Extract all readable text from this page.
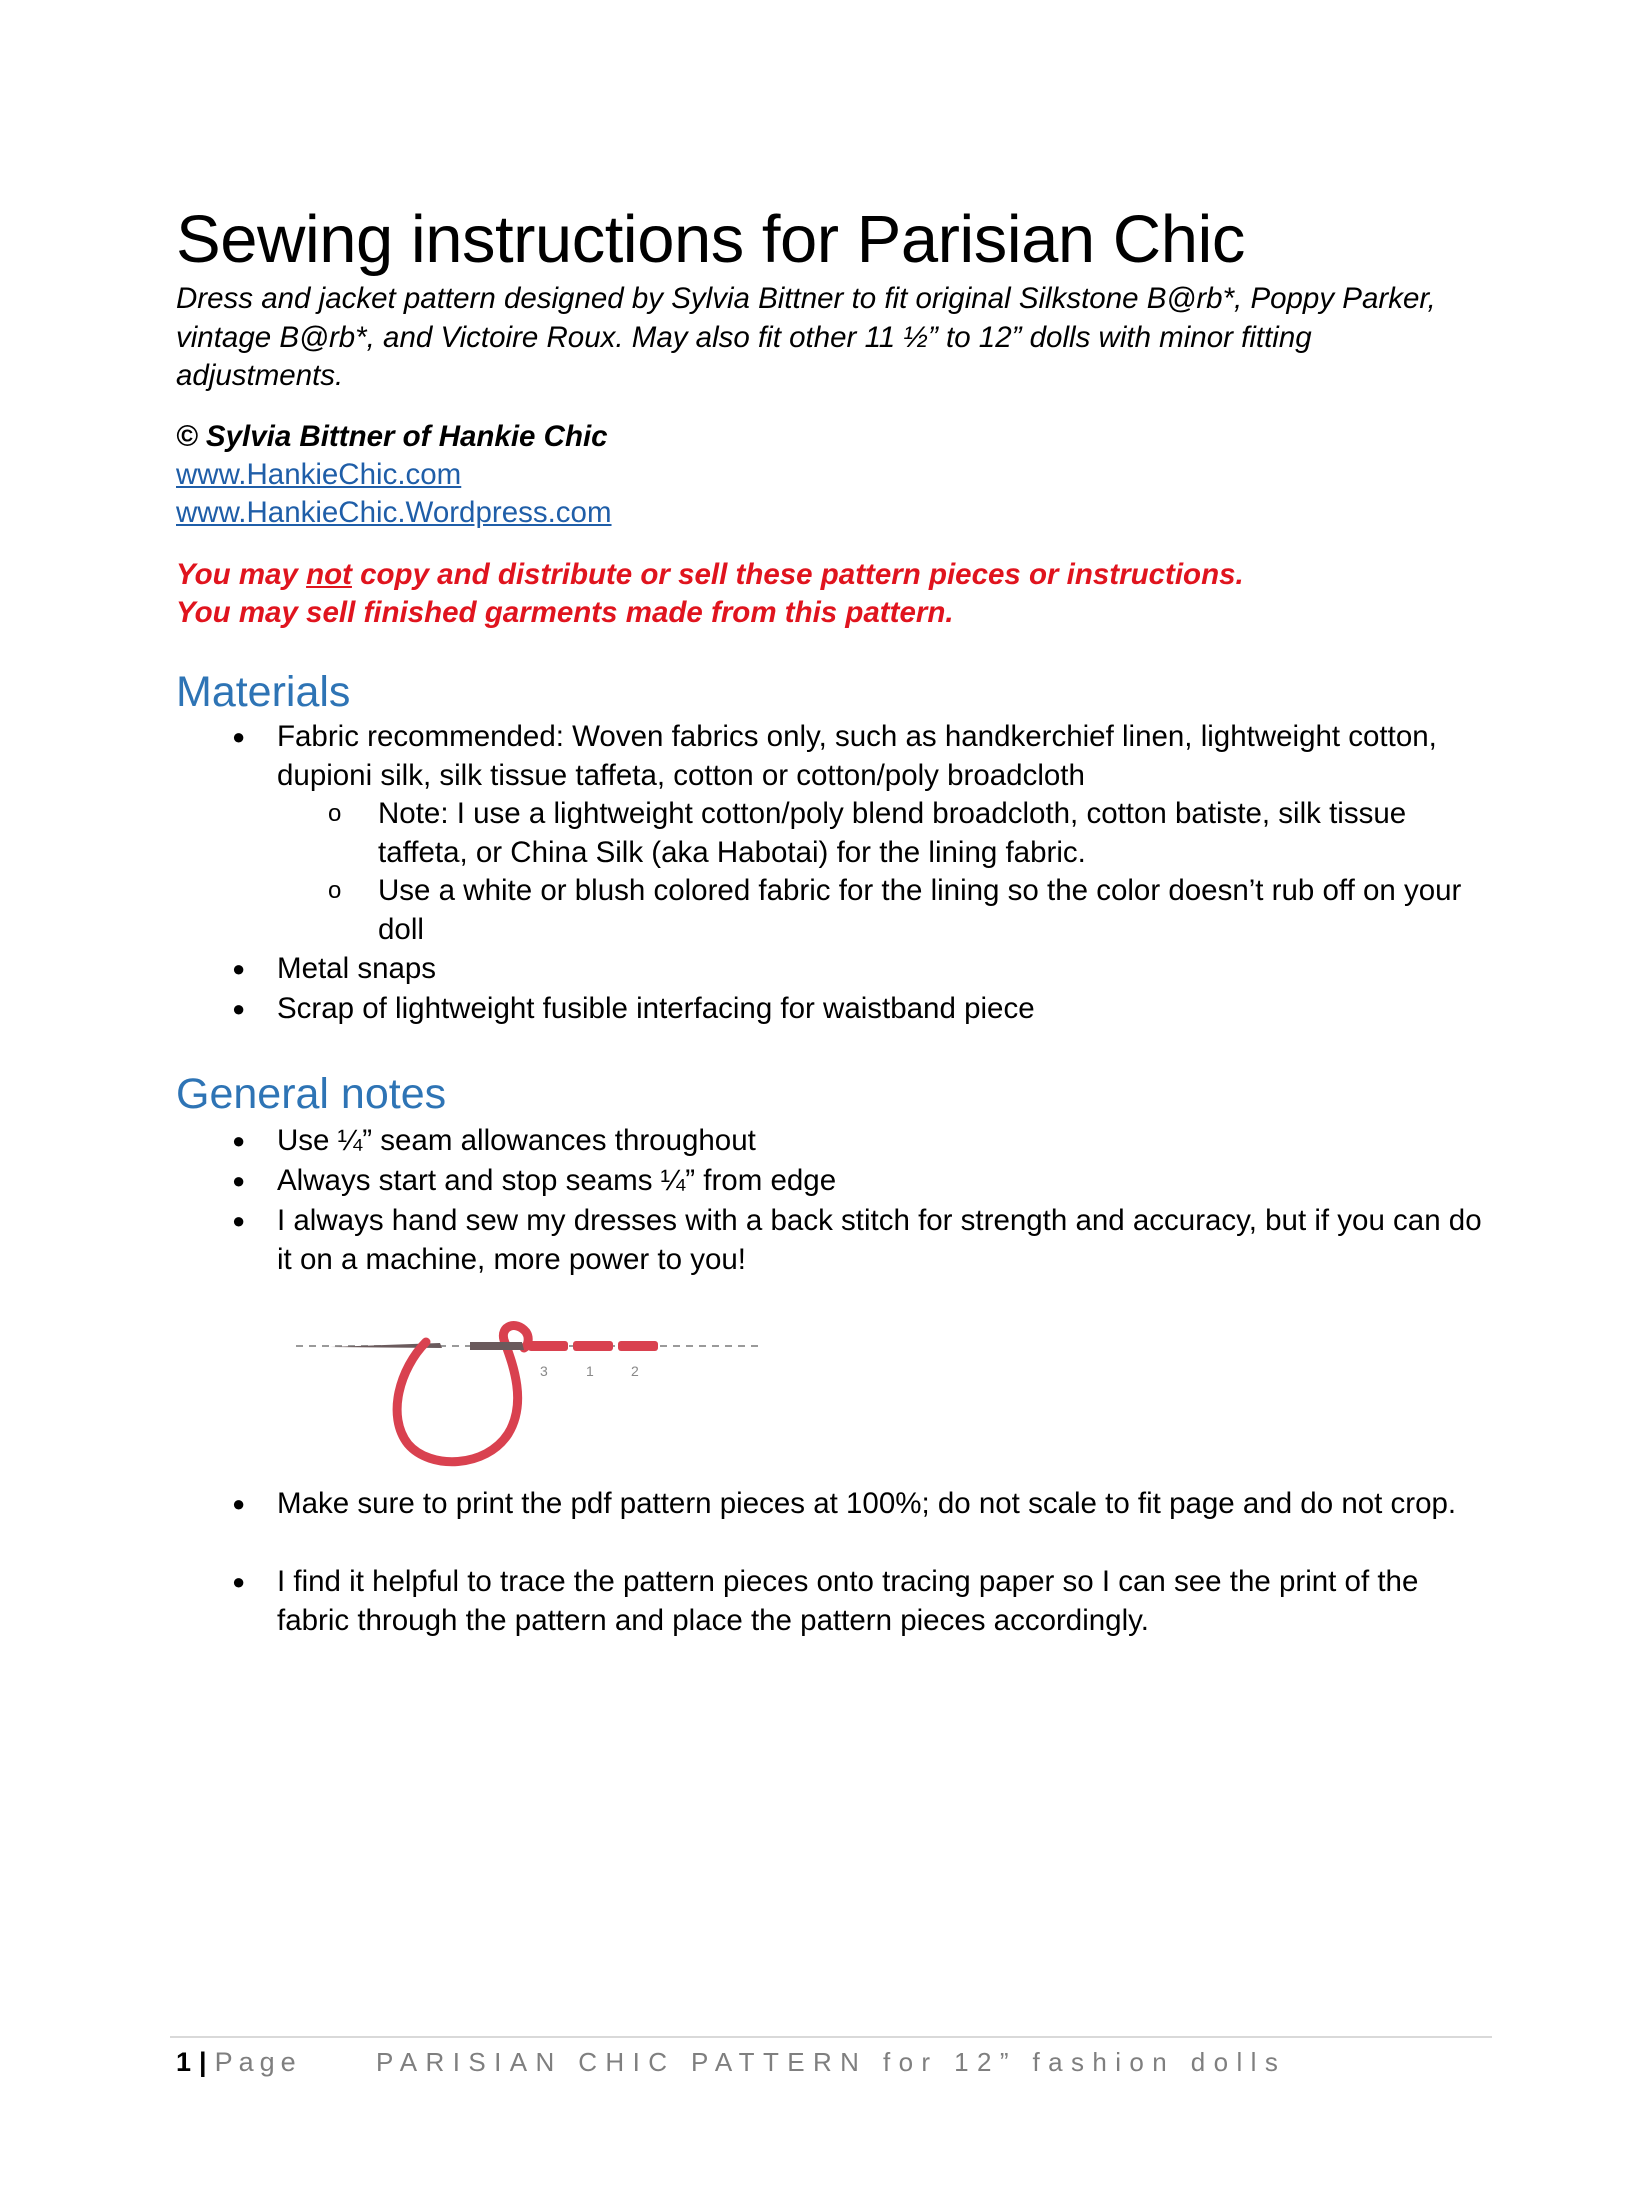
Sewing instructions for Parisian Chic

Dress and jacket pattern designed by Sylvia Bittner to fit original Silkstone B@rb*, Poppy Parker, vintage B@rb*, and Victoire Roux. May also fit other 11 ½” to 12” dolls with minor fitting adjustments.

© Sylvia Bittner of Hankie Chic
www.HankieChic.com
www.HankieChic.Wordpress.com
You may not copy and distribute or sell these pattern pieces or instructions.
You may sell finished garments made from this pattern.
Materials
● Fabric recommended: Woven fabrics only, such as handkerchief linen, lightweight cotton, dupioni silk, silk tissue taffeta, cotton or cotton/poly broadcloth
o Note: I use a lightweight cotton/poly blend broadcloth, cotton batiste, silk tissue taffeta, or China Silk (aka Habotai) for the lining fabric.
o Use a white or blush colored fabric for the lining so the color doesn’t rub off on your doll
● Metal snaps
● Scrap of lightweight fusible interfacing for waistband piece
General notes
● Use ¼” seam allowances throughout
● Always start and stop seams ¼” from edge
● I always hand sew my dresses with a back stitch for strength and accuracy, but if you can do it on a machine, more power to you!
3	1	2
● Make sure to print the pdf pattern pieces at 100%; do not scale to fit page and do not crop.
● I find it helpful to trace the pattern pieces onto tracing paper so I can see the print of the fabric through the pattern and place the pattern pieces accordingly.
1 | Page	PARISIAN CHIC PATTERN for 12” fashion dolls
